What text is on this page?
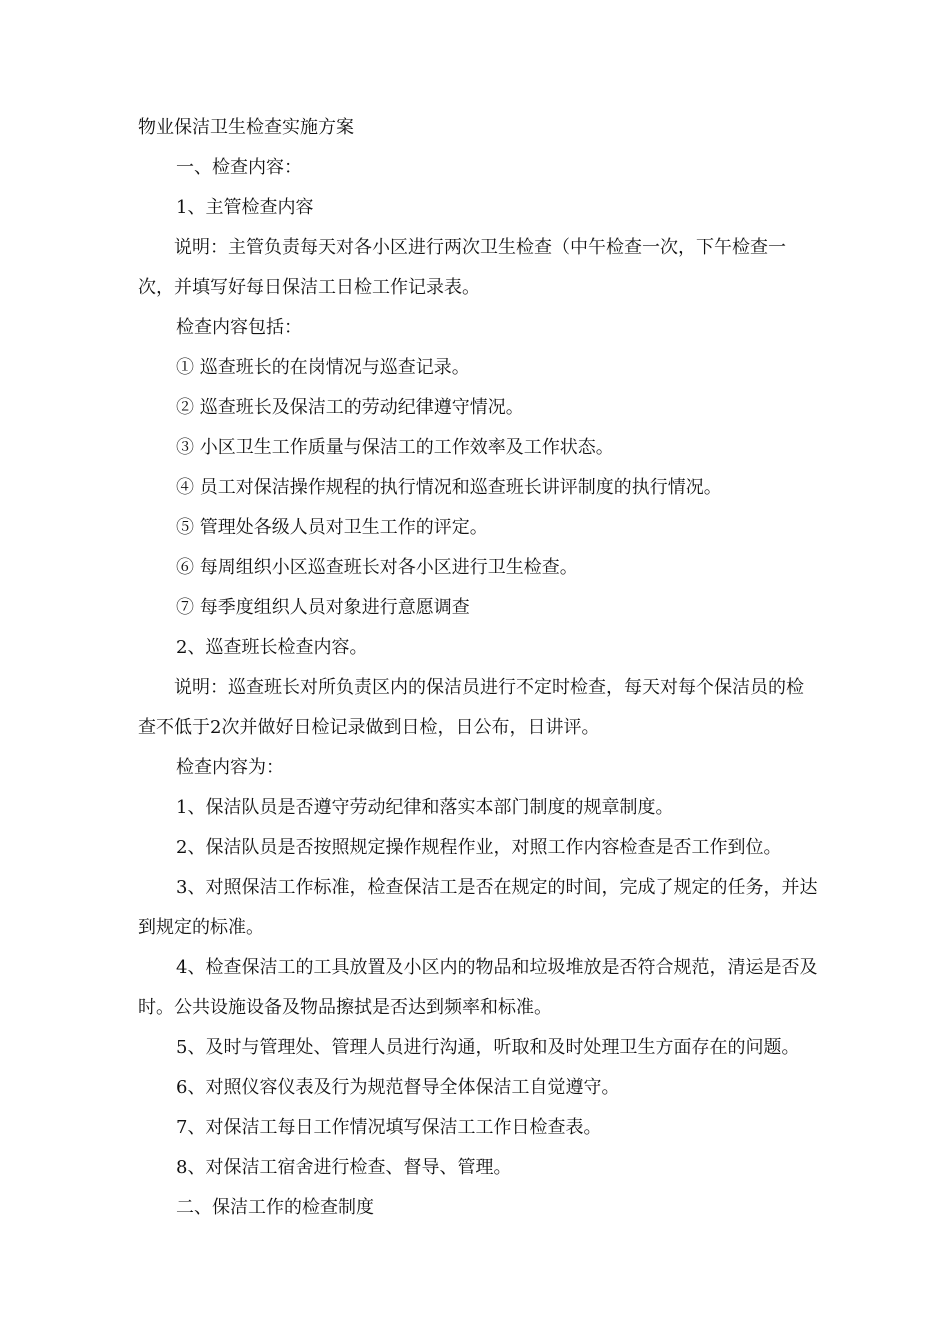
物业保洁卫生检查实施方案
一、检查内容：
1、主管检查内容
说明：主管负责每天对各小区进行两次卫生检查（中午检查一次，下午检查一
次，并填写好每日保洁工日检工作记录表。
检查内容包括：
① 巡查班长的在岗情况与巡查记录。
② 巡查班长及保洁工的劳动纪律遵守情况。
③ 小区卫生工作质量与保洁工的工作效率及工作状态。
④ 员工对保洁操作规程的执行情况和巡查班长讲评制度的执行情况。
⑤ 管理处各级人员对卫生工作的评定。
⑥ 每周组织小区巡查班长对各小区进行卫生检查。
⑦ 每季度组织人员对象进行意愿调查
2、巡查班长检查内容。
说明：巡查班长对所负责区内的保洁员进行不定时检查，每天对每个保洁员的检
查不低于2次并做好日检记录做到日检，日公布，日讲评。
检查内容为：
1、保洁队员是否遵守劳动纪律和落实本部门制度的规章制度。
2、保洁队员是否按照规定操作规程作业，对照工作内容检查是否工作到位。
3、对照保洁工作标准，检查保洁工是否在规定的时间，完成了规定的任务，并达
到规定的标准。
4、检查保洁工的工具放置及小区内的物品和垃圾堆放是否符合规范，清运是否及
时。公共设施设备及物品擦拭是否达到频率和标准。
5、及时与管理处、管理人员进行沟通，听取和及时处理卫生方面存在的问题。
6、对照仪容仪表及行为规范督导全体保洁工自觉遵守。
7、对保洁工每日工作情况填写保洁工工作日检查表。
8、对保洁工宿舍进行检查、督导、管理。
二、保洁工作的检查制度
